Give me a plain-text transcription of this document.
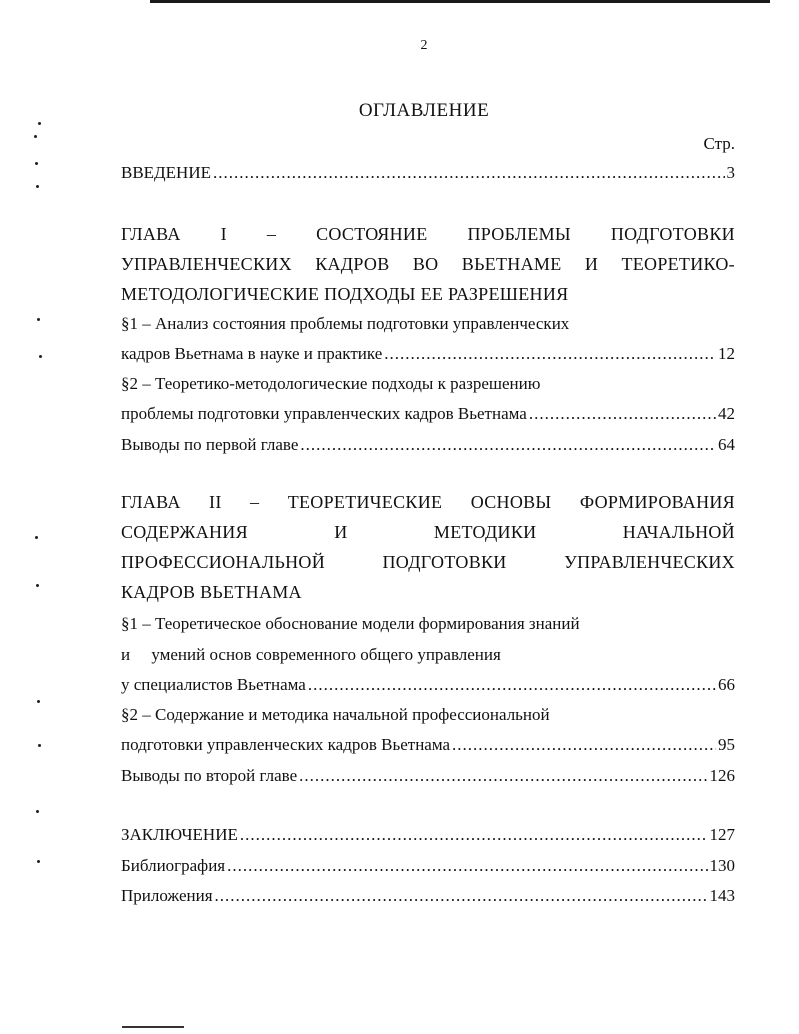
2
ОГЛАВЛЕНИЕ
Стр.
ВВЕДЕНИЕ .....	3
ГЛАВА I – СОСТОЯНИЕ ПРОБЛЕМЫ ПОДГОТОВКИ
УПРАВЛЕНЧЕСКИХ КАДРОВ ВО ВЬЕТНАМЕ И ТЕОРЕТИКО-
МЕТОДОЛОГИЧЕСКИЕ ПОДХОДЫ ЕЕ РАЗРЕШЕНИЯ
§1 – Анализ состояния проблемы подготовки управленческих
кадров Вьетнама в науке и практике .....	12
§2 – Теоретико-методологические подходы к разрешению
проблемы подготовки управленческих кадров Вьетнама .....	42
Выводы по первой главе .....	64
ГЛАВА II – ТЕОРЕТИЧЕСКИЕ ОСНОВЫ ФОРМИРОВАНИЯ
СОДЕРЖАНИЯ	И	МЕТОДИКИ	НАЧАЛЬНОЙ
ПРОФЕССИОНАЛЬНОЙ	ПОДГОТОВКИ	УПРАВЛЕНЧЕСКИХ
КАДРОВ ВЬЕТНАМА
§1 – Теоретическое обоснование модели формирования знаний
и     умений основ современного общего управления
у специалистов Вьетнама .....	66
§2 – Содержание и методика начальной профессиональной
подготовки управленческих кадров Вьетнама .....	95
Выводы по второй главе .....	126
ЗАКЛЮЧЕНИЕ .....	127
Библиография .....	130
Приложения .....	143
